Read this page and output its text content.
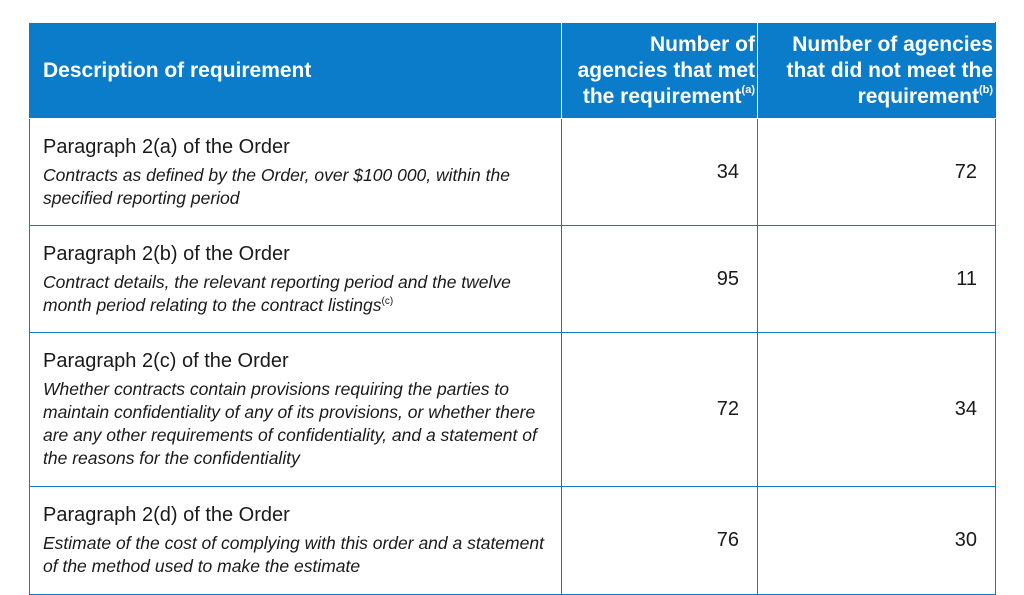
Description of requirement	Number of
agencies that met
the requirement$^{(a)}$	Number of agencies
that did not meet the
requirement$^{(b)}$

Paragraph 2(a) of the Order
Contracts as defined by the Order, over $100 000, within the specified reporting period	34	72

Paragraph 2(b) of the Order
Contract details, the relevant reporting period and the twelve month period relating to the contract listings$^{(c)}$	95	11

Paragraph 2(c) of the Order
Whether contracts contain provisions requiring the parties to maintain confidentiality of any of its provisions, or whether there are any other requirements of confidentiality, and a statement of the reasons for the confidentiality	72	34

Paragraph 2(d) of the Order
Estimate of the cost of complying with this order and a statement of the method used to make the estimate	76	30
